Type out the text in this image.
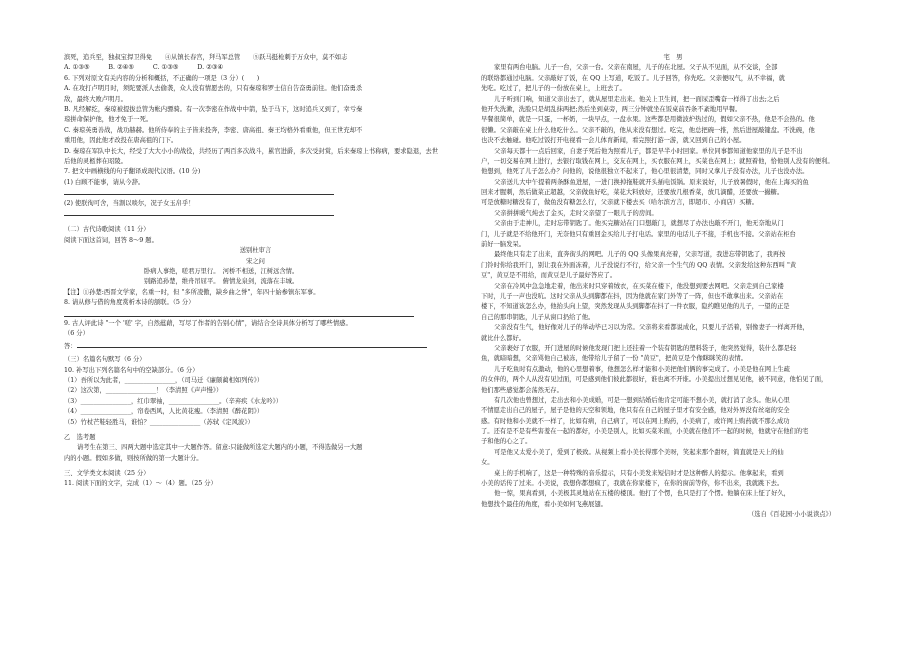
滨死，追兵至，独叔宝捍卫得免　　④从镇长春宫，拜马军总管　　⑤跃马挺枪刺于万众中，莫不如志
A. ①③⑤　　　B. ②④⑤　　　C. ①③⑤　　　D. ②③④
6. 下列对原文有关内容的分析和概括，不正确的一项是（3 分）(　　)
A. 在攻打卢明月时，须陀要派人去偷袭，众人没有情愿去的，只有秦琼和罗士信自告奋勇前往。他们奋勇杀
敌，最终大败卢明月。
B. 凡经解纥，秦琼被提拔总管为帐内骠骑。有一次李密在作战中中箭，坠于马下，这时追兵又到了，幸亏秦
琼拼命保护他，他才免于一死。
C. 秦琼英勇善战，战功赫赫。他所侍奉的主子皆来投奔，李密、唐高祖、秦王均格外看重他，但王世充却不
重用他，因此他才改投在唐高祖的门下。
D. 秦琼在军队中长大，经受了大大小小的战役，共经历了两百多次战斗，累官进爵，多次受封赏，后来秦琼上书称病，要求隐退，去世
后他的灵柩葬在昭陵。
7. 把文中画横线的句子翻译成现代汉语。(10 分)
(1) 白顾不能事，请从今辞。
(2) 使朕徇可舍，当割以啖尔，况子女玉帛乎！
（二）古代诗歌阅读（11 分）
阅读下面这首词，回答 8～9 题。
送别杜审言
宋之问
卧病人事绝，嗟君万里行。　河桥不相送，江树远含情。
别路追孙楚，维舟吊屈平。　俯情龙泉剑，流落在丰城。
【注】①孙楚:西晋文学家，名重一时，但 "多所凌傲，缺乡曲之誉"，年四十始参镇东军事。
8. 请从修与借的角度赏析本诗的颔联。（5 分）
9. 古人评此诗 "一个 '嗟' 字，自然蕴藉，写尽了作者的告别心情"，请结合全诗具体分析写了哪些情感。
（6 分）
答：
（三）名篇名句默写（6 分）
10. 补写出下列名篇名句中的空缺部分。（6 分）
（1）吾所以为此者，________________，（司马迁《廉颇蔺相如列传》）
（2）这次第，________________！（李清照《声声慢》）
（3）________________，红巾翠袖，________________。（辛弃疾《水龙吟》）
（4）________________，帘卷西风，人比黄花瘦。（李清照《醉花阴》）
（5）竹杖芒鞋轻胜马，谁怕？________________（苏轼《定风波》）
乙　选考题
请考生在第三、四两大题中选定其中一大题作答。留意:只能做所选定大题内的小题，不得选做另一大题
内的小题。假如多做，则按所做的第一大题计分。
三、文学类文本阅读（25 分）
11. 阅读下面的文字，完成（1）～（4）题。（25 分）
宅　男
家里有两台电脑。儿子一台，父亲一台。父亲在南屋，儿子的在北屋。父子从不见面，从不交谈，全部
的联络都通过电脑。父亲敲好了饭，在 QQ 上写道，吃饭了。儿子回答，你先吃。父亲便叹气，从不幸福，就
先吃。吃过了，把儿子的一份放在桌上，上班去了。
儿子听到门响，知道父亲出去了，就从屋里走出来。他关上卫生间，把一面尿歪嘴奋一样得了出去;之后
他开失洗漱，洗脸只是胡乱抹两把;然后坐到桌旁，两三分钟就坐在饭桌前吞条不紊地用早餐。
早餐很简单，就是一只蛋，一杯奶，一块早点，一盘水果。这些都是用微波炉热过的，假如父亲不热，他是不会热的。他
很懒。父亲敲在桌上什么他吃什么。父亲不敲的，他从来没有想过。吃完，他总把碗一推，然后进屋敲键盘。不洗碗，他
也决不去触碰。他吃过饭打开电视看一会儿体育新闻，看完照打游一游，就又回到自己的小屋。
父亲每天都十一点后回家，自妻子死后他为照看儿子，都是早半小时回家。单位同事都知道他家里的儿子是不出
户，一切交易在网上进行，去银行取钱在网上，交友在网上，买衣服在网上，买菜也在网上；就照着他，恰他别人没有的便利。
他想到，他死了儿子怎么办？问他的，说他很独立不起来了，他心里很清楚，同时又拿儿子没有办法，儿子也没办法。
父亲送儿大中午提着两条酥鱼进屋，一进门换掉拖鞋就开头插电饭锅。原来说好，儿子放暑假时，他在上海买的鱼
回来才腥刺，然后做菜正超越，父亲做鱼好吃，菜花大料放好，还要放几根香菜，放几滴醋，还要放一撮糖。
可是放糖时糖没有了，做鱼没有糖怎么行，父亲就下楼去买（哈尔滨方言，即超市、小商店）买糖。
父亲拼拼暖气炖去了金买，走时父亲望了一眼儿子的房间。
父亲由于走神儿，走时忘带钥匙了。他买完糖站在门口想敲门，就想尽了办法也敲不开门，他无奈地从门
门，儿子就是不给他开门，无奈他只有重回金买给儿子打电话。家里的电话儿子不接，手机也不接。父亲站在柜台
前好一脑发呆。
最终他只有走了出来，直奔街头的网吧。儿子的 QQ 头像果真亮着，父亲写道，我进忘带钥匙了，我再按
门铃时你给我开门，别让我在外面冻着，儿子没说行不行，给父亲一个生气的 QQ 表情。父亲发给这种东西叫 "黄
豆"，黄豆是不用给，而黄豆是儿子最好答应了。
父亲在冷风中急急地走着，他出来时只穿着绒衣，在买菜在楼下，他没想到要去网吧。父亲走到自己家楼
下时，儿子一声也没吭。这时父亲从头到脚都在抖，因为他就在家门外等了一阵，但也不敢拿出来。父亲站在
楼下，不知道该怎么办，他抬头向上望，突然发现从头到脚都在抖了一件衣服，隐约瞧见他的儿子，一望的正是
自己的那串钥匙，儿子从窗口扔给了他。
父亲没有生气，他好像对儿子的举动毕已习以为常。父亲将来看都说成化，只要儿子活着，别像妻子一样离开他，
就比什么都好。
父亲裹好了衣服，开门进屋的时候他发现门把上还挂着一个装有钥匙的塑料袋子，他突然觉得，装什么都是轻
鱼，就暗暗想，父亲骂他自己被冻，他带给儿子留了一份 "黄豆"，把黄豆是个像眯眯笑的表情。
儿子吃鱼时有点激动，他的心里想着事，他想怎么样才能和小美把他们俩的事完成了。小美是他在网上生疏
的女伴的，两个人从没有见过面，可是感到他们彼此都很好，谁也离不开谁。小美提出过想见见他，被不同意，他怕见了面，
他们那些感觉都会荡然无存。
有几次他也曾想过，走出去和小美成婚，可是一想到结婚后他肯定可能不想小美，就打消了念头。他从心里
不情愿走出自己的屋子，屋子是他的天空和领地，他只有在自己的屋子里才有安全感，他对外界没有丝毫的安全
感。有时他和小美就不一样了，比如有病，自己病了，可以在网上购药，小美病了，或许网上购药就不那么成功
了。还有是不是有些害羞在一起的都好，小美是别人，比如买菜米面，小美就在他们不一起的时候，他就守在他们的宅
子和他的心之了。
可是他又太爱小美了，爱到了极致。从视频上看小美长得那个美呀，笑起来那个甜呀，简直就是天上的仙
女。
桌上的手机响了，这是一种特殊的音乐提示，只有小美发来短信时才是这种醉人的提示。他拿起来，看到
小美的话传了过来。小美说，我想你都想疯了，我就在你家楼下，在你的窗前等你，你不出来，我就跳下去。
他一惊，果真看到，小美极其灵地站在五楼的楼顶。他打了个愣，也只是打了个愣。他躺在床上怔了好久，
他想找个最佳的角度，看小美如何飞燕展翅。
（选自《百花园·小小说读点》）
